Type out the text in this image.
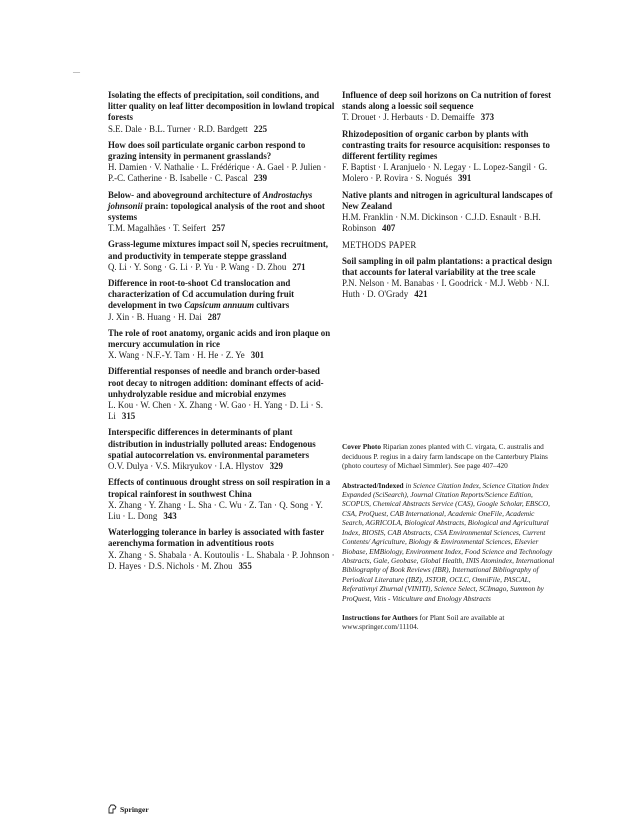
—
Isolating the effects of precipitation, soil conditions, and litter quality on leaf litter decomposition in lowland tropical forests
S.E. Dale · B.L. Turner · R.D. Bardgett 225
How does soil particulate organic carbon respond to grazing intensity in permanent grasslands?
H. Damien · V. Nathalie · L. Frédérique · A. Gael · P. Julien · P.-C. Catherine · B. Isabelle · C. Pascal 239
Below- and aboveground architecture of Androstachys johnsonii prain: topological analysis of the root and shoot systems
T.M. Magalhães · T. Seifert 257
Grass-legume mixtures impact soil N, species recruitment, and productivity in temperate steppe grassland
Q. Li · Y. Song · G. Li · P. Yu · P. Wang · D. Zhou 271
Difference in root-to-shoot Cd translocation and characterization of Cd accumulation during fruit development in two Capsicum annuum cultivars
J. Xin · B. Huang · H. Dai 287
The role of root anatomy, organic acids and iron plaque on mercury accumulation in rice
X. Wang · N.F.-Y. Tam · H. He · Z. Ye 301
Differential responses of needle and branch order-based root decay to nitrogen addition: dominant effects of acid-unhydrolyzable residue and microbial enzymes
L. Kou · W. Chen · X. Zhang · W. Gao · H. Yang · D. Li · S. Li 315
Interspecific differences in determinants of plant distribution in industrially polluted areas: Endogenous spatial autocorrelation vs. environmental parameters
O.V. Dulya · V.S. Mikryukov · I.A. Hlystov 329
Effects of continuous drought stress on soil respiration in a tropical rainforest in southwest China
X. Zhang · Y. Zhang · L. Sha · C. Wu · Z. Tan · Q. Song · Y. Liu · L. Dong 343
Waterlogging tolerance in barley is associated with faster aerenchyma formation in adventitious roots
X. Zhang · S. Shabala · A. Koutoulis · L. Shabala · P. Johnson · D. Hayes · D.S. Nichols · M. Zhou 355
Influence of deep soil horizons on Ca nutrition of forest stands along a loessic soil sequence
T. Drouet · J. Herbauts · D. Demaiffe 373
Rhizodeposition of organic carbon by plants with contrasting traits for resource acquisition: responses to different fertility regimes
F. Baptist · I. Aranjuelo · N. Legay · L. Lopez-Sangil · G. Molero · P. Rovira · S. Nogués 391
Native plants and nitrogen in agricultural landscapes of New Zealand
H.M. Franklin · N.M. Dickinson · C.J.D. Esnault · B.H. Robinson 407
METHODS PAPER
Soil sampling in oil palm plantations: a practical design that accounts for lateral variability at the tree scale
P.N. Nelson · M. Banabas · I. Goodrick · M.J. Webb · N.I. Huth · D. O'Grady 421
Cover Photo Riparian zones planted with C. virgata, C. australis and deciduous P. regius in a dairy farm landscape on the Canterbury Plains (photo courtesy of Michael Simmler). See page 407–420
Abstracted/Indexed in Science Citation Index, Science Citation Index Expanded (SciSearch), Journal Citation Reports/Science Edition, SCOPUS, Chemical Abstracts Service (CAS), Google Scholar, EBSCO, CSA, ProQuest, CAB International, Academic OneFile, Academic Search, AGRICOLA, Biological Abstracts, Biological and Agricultural Index, BIOSIS, CAB Abstracts, CSA Environmental Sciences, Current Contents/ Agriculture, Biology & Environmental Sciences, Elsevier Biobase, EMBiology, Environment Index, Food Science and Technology Abstracts, Gale, Geobase, Global Health, INIS Atomindex, International Bibliography of Book Reviews (IBR), International Bibliography of Periodical Literature (IBZ), JSTOR, OCLC, OmniFile, PASCAL, Referativnyi Zhurnal (VINITI), Science Select, SCImago, Summon by ProQuest, Vitis - Viticulture and Enology Abstracts
Instructions for Authors for Plant Soil are available at www.springer.com/11104.
Springer
